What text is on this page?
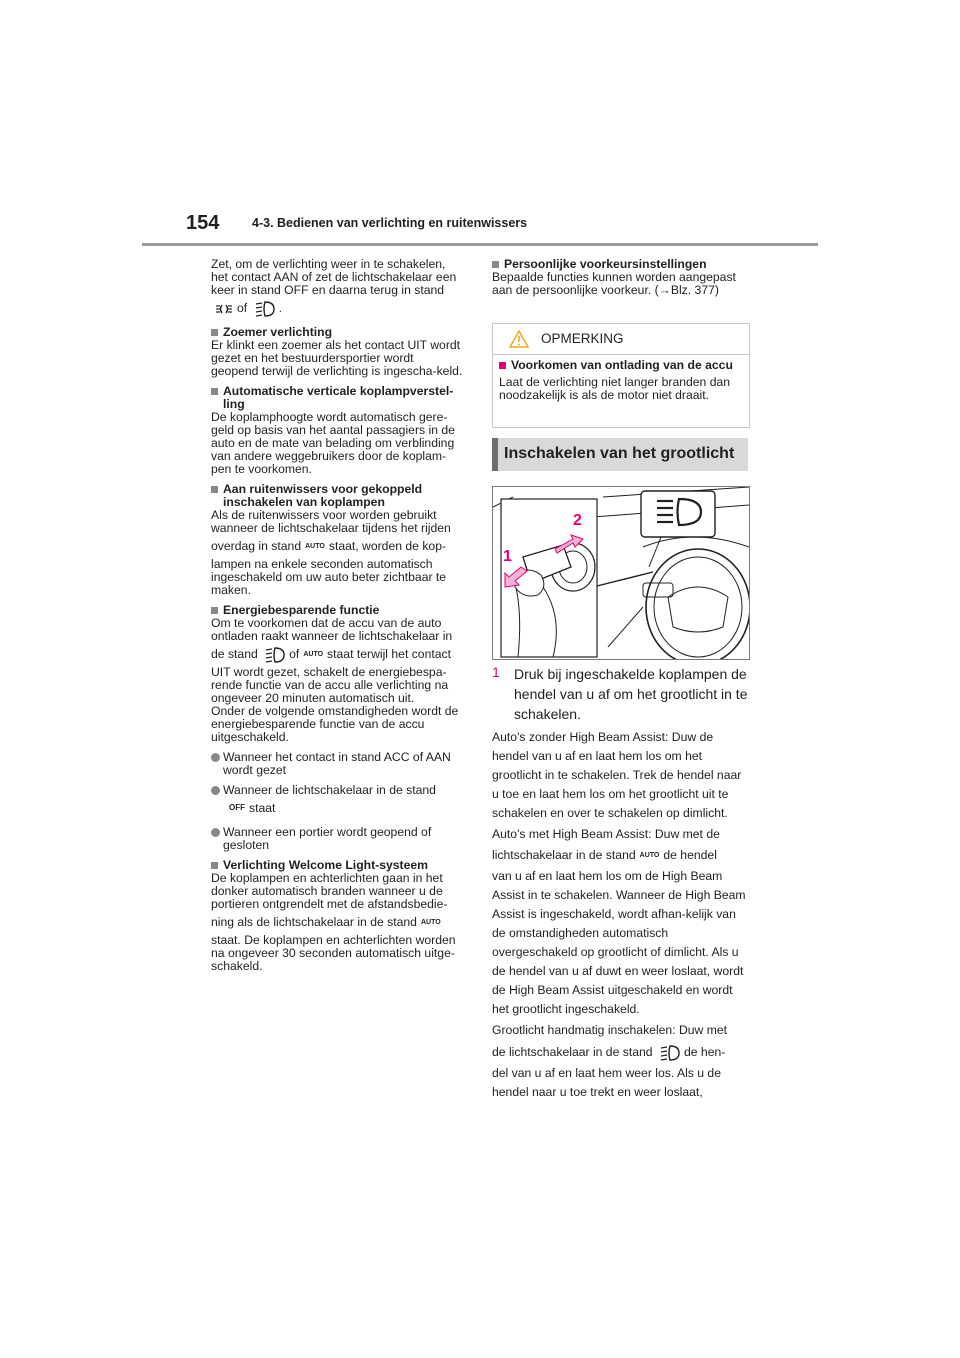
154	4-3. Bedienen van verlichting en ruitenwissers

Zet, om de verlichting weer in te schakelen, het contact AAN of zet de lichtschakelaar een keer in stand OFF en daarna terug in stand

of	.

Zoemer verlichting

Er klinkt een zoemer als het contact UIT wordt gezet en het bestuurdersportier wordt geopend terwijl de verlichting is ingescha-keld.

Automatische verticale koplampverstel-ling

De koplamphoogte wordt automatisch gere-geld op basis van het aantal passagiers in de auto en de mate van belading om verblinding van andere weggebruikers door de koplam-pen te voorkomen.

Aan ruitenwissers voor gekoppeld inschakelen van koplampen

Als de ruitenwissers voor worden gebruikt wanneer de lichtschakelaar tijdens het rijden

overdag in stand AUTO staat, worden de kop-

lampen na enkele seconden automatisch ingeschakeld om uw auto beter zichtbaar te maken.

Energiebesparende functie

Om te voorkomen dat de accu van de auto ontladen raakt wanneer de lichtschakelaar in

de stand	of AUTO staat terwijl het contact

UIT wordt gezet, schakelt de energiebespa-rende functie van de accu alle verlichting na ongeveer 20 minuten automatisch uit.

Onder de volgende omstandigheden wordt de energiebesparende functie van de accu uitgeschakeld.

Wanneer het contact in stand ACC of AAN wordt gezet

Wanneer de lichtschakelaar in de stand

OFF staat

Wanneer een portier wordt geopend of gesloten

Verlichting Welcome Light-systeem

De koplampen en achterlichten gaan in het donker automatisch branden wanneer u de portieren ontgrendelt met de afstandsbedie-

ning als de lichtschakelaar in de stand AUTO

staat. De koplampen en achterlichten worden na ongeveer 30 seconden automatisch uitge-schakeld.

Persoonlijke voorkeursinstellingen

Bepaalde functies kunnen worden aangepast aan de persoonlijke voorkeur. (→Blz. 377)

OPMERKING
Voorkomen van ontlading van de accu

Laat de verlichting niet langer branden dan noodzakelijk is als de motor niet draait.

Inschakelen van het grootlicht
2
1
1 Druk bij ingeschakelde koplampen de hendel van u af om het grootlicht in te schakelen.

Auto's zonder High Beam Assist: Duw de hendel van u af en laat hem los om het grootlicht in te schakelen. Trek de hendel naar u toe en laat hem los om het grootlicht uit te schakelen en over te schakelen op dimlicht.

Auto's met High Beam Assist: Duw met de

lichtschakelaar in de stand AUTO de hendel

van u af en laat hem los om de High Beam Assist in te schakelen. Wanneer de High Beam Assist is ingeschakeld, wordt afhan-kelijk van de omstandigheden automatisch overgeschakeld op grootlicht of dimlicht. Als u de hendel van u af duwt en weer loslaat, wordt de High Beam Assist uitgeschakeld en wordt het grootlicht ingeschakeld.

Grootlicht handmatig inschakelen: Duw met

de lichtschakelaar in de stand	de hen-

del van u af en laat hem weer los. Als u de hendel naar u toe trekt en weer loslaat,
